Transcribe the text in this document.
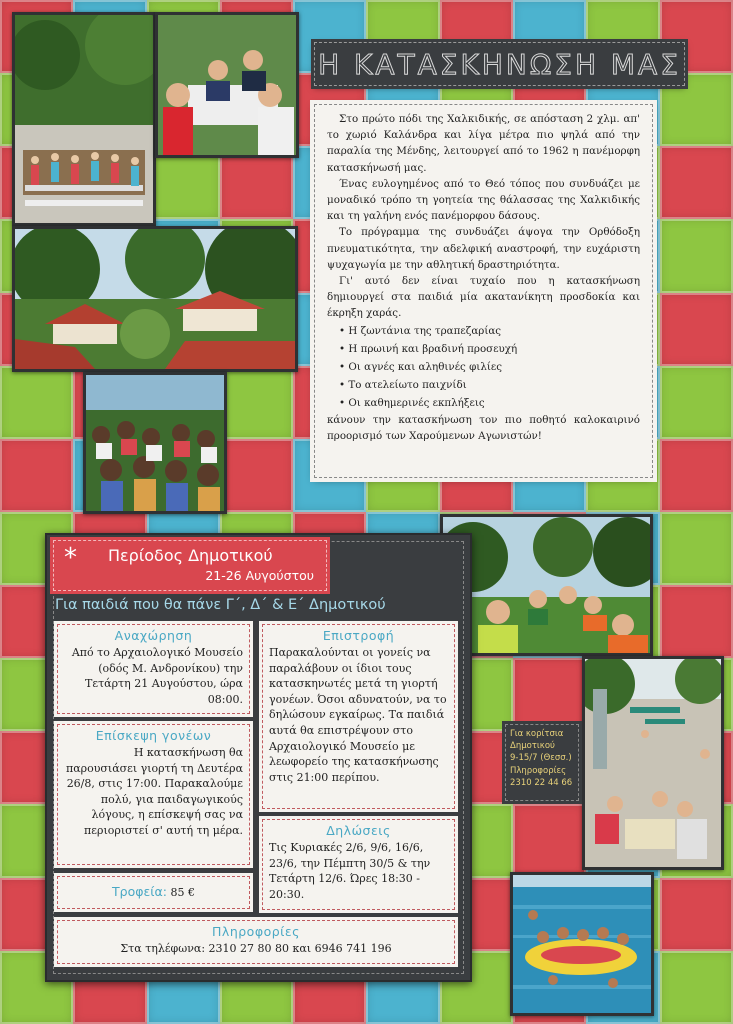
Η ΚΑΤΑΣΚΗΝΩΣΗ ΜΑΣ

Στο πρώτο πόδι της Χαλκιδικής, σε απόσταση 2 χλμ. απ' το χωριό Καλάνδρα και λίγα μέτρα πιο ψηλά από την παραλία της Μένδης, λειτουργεί από το 1962 η πανέμορφη κατασκήνωσή μας.

Ένας ευλογημένος από το Θεό τόπος που συνδυάζει με μοναδικό τρόπο τη γοητεία της θάλασσας της Χαλκιδικής και τη γαλήνη ενός πανέμορφου δάσους.

Το πρόγραμμα της συνδυάζει άψογα την Ορθόδοξη πνευματικότητα, την αδελφική αναστροφή, την ευχάριστη ψυχαγωγία με την αθλητική δραστηριότητα.

Γι' αυτό δεν είναι τυχαίο που η κατασκήνωση δημιουργεί στα παιδιά μία ακατανίκητη προσδοκία και έκρηξη χαράς.

• Η ζωντάνια της τραπεζαρίας
• Η πρωινή και βραδινή προσευχή
• Οι αγνές και αληθινές φιλίες
• Το ατελείωτο παιχνίδι
• Οι καθημερινές εκπλήξεις

κάνουν την κατασκήνωση τον πιο ποθητό καλοκαιρινό προορισμό των Χαρούμενων Αγωνιστών!

* Περίοδος Δημοτικού
21-26 Αυγούστου
Για παιδιά που θα πάνε Γ΄, Δ΄ & Ε΄ Δημοτικού
Αναχώρηση
Από το Αρχαιολογικό Μουσείο (οδός Μ. Ανδρονίκου) την Τετάρτη 21 Αυγούστου, ώρα 08:00.
Επιστροφή
Παρακαλούνται οι γονείς να παραλάβουν οι ίδιοι τους κατασκηνωτές μετά τη γιορτή γονέων. Όσοι αδυνατούν, να το δηλώσουν εγκαίρως. Τα παιδιά αυτά θα επιστρέψουν στο Αρχαιολογικό Μουσείο με λεωφορείο της κατασκήνωσης στις 21:00 περίπου.
Επίσκεψη γονέων
Η κατασκήνωση θα παρουσιάσει γιορτή τη Δευτέρα 26/8, στις 17:00. Παρακαλούμε πολύ, για παιδαγωγικούς λόγους, η επίσκεψή σας να περιοριστεί σ' αυτή τη μέρα.	Δηλώσεις
Τις Κυριακές 2/6, 9/6, 16/6, 23/6, την Πέμπτη 30/5 & την Τετάρτη 12/6. Ώρες 18:30 - 20:30.
Τροφεία: 85 €
Πληροφορίες
Στα τηλέφωνα: 2310 27 80 80 και 6946 741 196
Για κορίτσια
Δημοτικού
9-15/7 (Θεσσ.)
Πληροφορίες
2310 22 44 66
